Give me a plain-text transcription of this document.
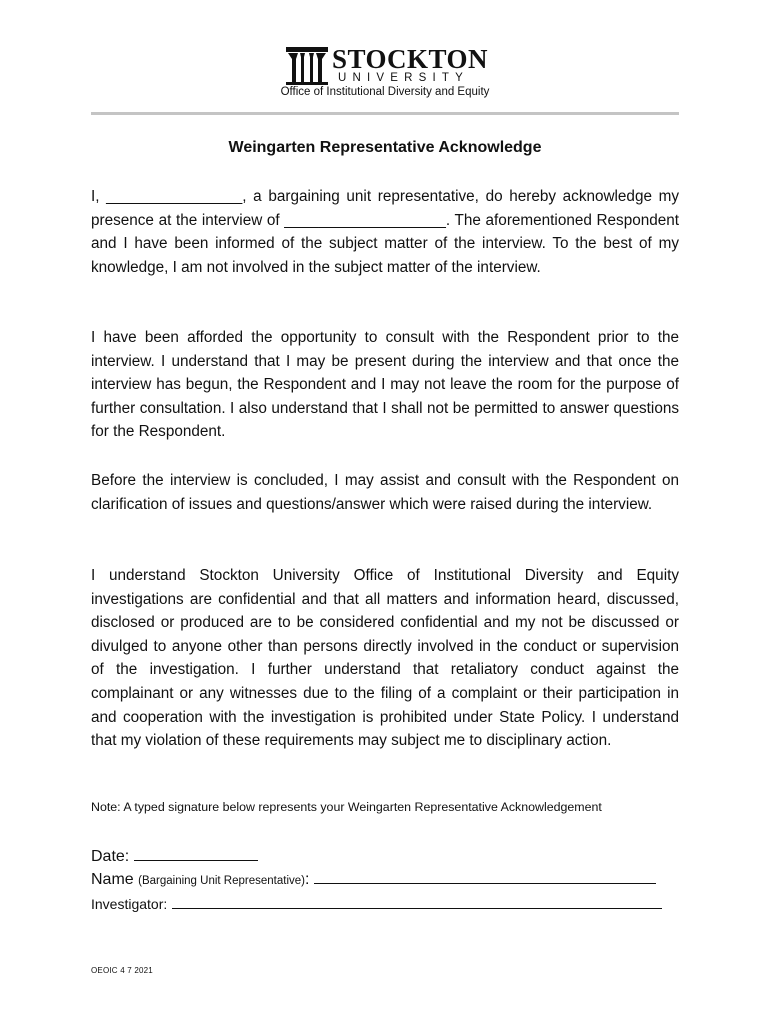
STOCKTON
UNIVERSITY
Office of Institutional Diversity and Equity
Weingarten Representative Acknowledge
I, ________________, a bargaining unit representative, do hereby acknowledge my presence at the interview of ___________________. The aforementioned Respondent and I have been informed of the subject matter of the interview. To the best of my knowledge, I am not involved in the subject matter of the interview.
I have been afforded the opportunity to consult with the Respondent prior to the interview. I understand that I may be present during the interview and that once the interview has begun, the Respondent and I may not leave the room for the purpose of further consultation. I also understand that I shall not be permitted to answer questions for the Respondent.
Before the interview is concluded, I may assist and consult with the Respondent on clarification of issues and questions/answer which were raised during the interview.
I understand Stockton University Office of Institutional Diversity and Equity investigations are confidential and that all matters and information heard, discussed, disclosed or produced are to be considered confidential and my not be discussed or divulged to anyone other than persons directly involved in the conduct or supervision of the investigation. I further understand that retaliatory conduct against the complainant or any witnesses due to the filing of a complaint or their participation in and cooperation with the investigation is prohibited under State Policy. I understand that my violation of these requirements may subject me to disciplinary action.
Note: A typed signature below represents your Weingarten Representative Acknowledgement
Date:
Name (Bargaining Unit Representative):
Investigator:
OEOIC 4 7 2021
